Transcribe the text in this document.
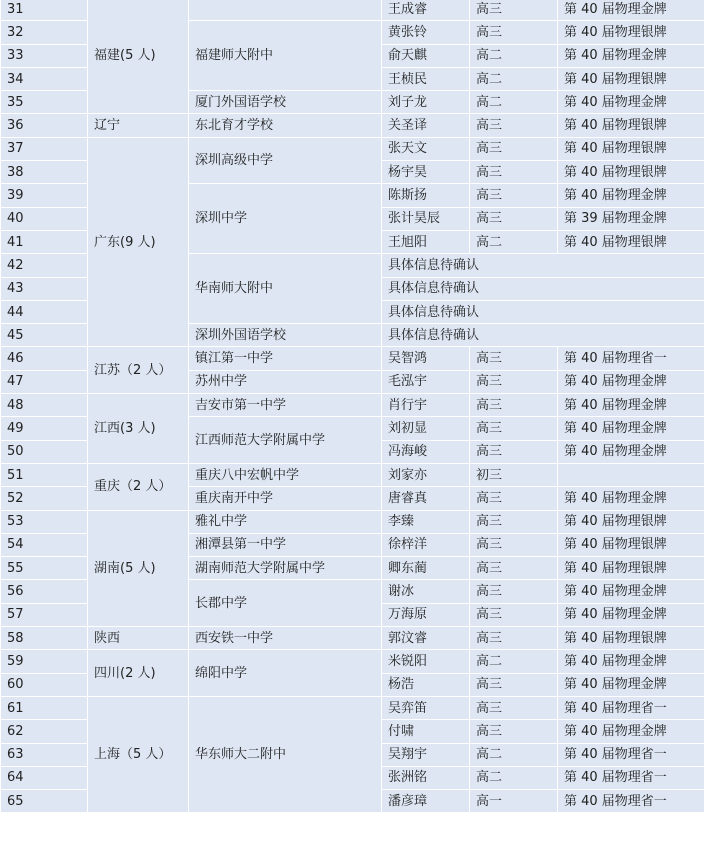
31	福建(5 人)		王成睿	高三	第 40 届物理金牌
32		福建师大附中	黄张铃	高三	第 40 届物理银牌
33			俞天麒	高二	第 40 届物理金牌
34			王桢民	高二	第 40 届物理银牌
35		厦门外国语学校	刘子龙	高二	第 40 届物理金牌
36	辽宁	东北育才学校	关圣译	高三	第 40 届物理银牌
37	广东(9 人)	深圳高级中学	张天文	高三	第 40 届物理银牌
38			杨宇昊	高三	第 40 届物理银牌
39		深圳中学	陈斯扬	高三	第 40 届物理金牌
40			张计昊辰	高三	第 39 届物理金牌
41			王旭阳	高二	第 40 届物理银牌
42		华南师大附中	具体信息待确认		
43			具体信息待确认		
44			具体信息待确认		
45		深圳外国语学校	具体信息待确认		
46	江苏（2 人）	镇江第一中学	吴智鸿	高三	第 40 届物理省一
47		苏州中学	毛泓宇	高三	第 40 届物理金牌
48	江西(3 人)	吉安市第一中学	肖行宇	高三	第 40 届物理金牌
49		江西师范大学附属中学	刘初显	高三	第 40 届物理金牌
50			冯海峻	高三	第 40 届物理金牌
51	重庆（2 人）	重庆八中宏帆中学	刘家亦	初三	
52		重庆南开中学	唐睿真	高三	第 40 届物理金牌
53	湖南(5 人)	雅礼中学	李臻	高三	第 40 届物理银牌
54		湘潭县第一中学	徐梓洋	高三	第 40 届物理银牌
55		湖南师范大学附属中学	卿东蔺	高三	第 40 届物理银牌
56		长郡中学	谢冰	高三	第 40 届物理金牌
57			万海原	高三	第 40 届物理金牌
58	陕西	西安铁一中学	郭汶睿	高三	第 40 届物理银牌
59	四川(2 人)	绵阳中学	米锐阳	高二	第 40 届物理金牌
60			杨浩	高三	第 40 届物理金牌
61	上海（5 人）	华东师大二附中	吴弈笛	高三	第 40 届物理省一
62			付啸	高三	第 40 届物理金牌
63			吴翔宇	高二	第 40 届物理省一
64			张洲铭	高二	第 40 届物理省一
65			潘彦璋	高一	第 40 届物理省一
